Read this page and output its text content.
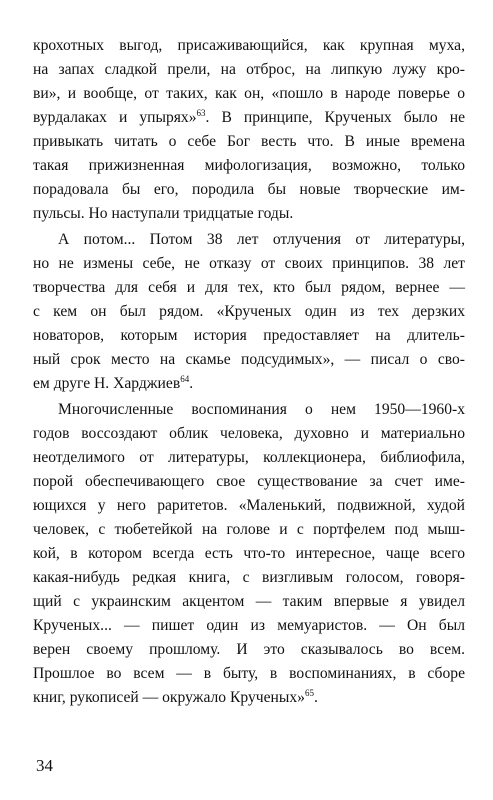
крохотных выгод, присаживающийся, как крупная муха,
на запах сладкой прели, на отброс, на липкую лужу кро-
ви», и вообще, от таких, как он, «пошло в народе поверье о
вурдалаках и упырях»$^{63}$. В принципе, Крученых было не
привыкать читать о себе Бог весть что. В иные времена
такая прижизненная мифологизация, возможно, только
порадовала бы его, породила бы новые творческие им-
пульсы. Но наступали тридцатые годы.
А потом... Потом 38 лет отлучения от литературы,
но не измены себе, не отказу от своих принципов. 38 лет
творчества для себя и для тех, кто был рядом, вернее —
с кем он был рядом. «Крученых один из тех дерзких
новаторов, которым история предоставляет на длитель-
ный срок место на скамье подсудимых», — писал о сво-
ем друге Н. Харджиев$^{64}$.
Многочисленные воспоминания о нем 1950—1960-х
годов воссоздают облик человека, духовно и материально
неотделимого от литературы, коллекционера, библиофила,
порой обеспечивающего свое существование за счет име-
ющихся у него раритетов. «Маленький, подвижной, худой
человек, с тюбетейкой на голове и с портфелем под мыш-
кой, в котором всегда есть что-то интересное, чаще всего
какая-нибудь редкая книга, с визгливым голосом, говоря-
щий с украинским акцентом — таким впервые я увидел
Крученых... — пишет один из мемуаристов. — Он был
верен своему прошлому. И это сказывалось во всем.
Прошлое во всем — в быту, в воспоминаниях, в сборе
книг, рукописей — окружало Крученых»$^{65}$.
34
